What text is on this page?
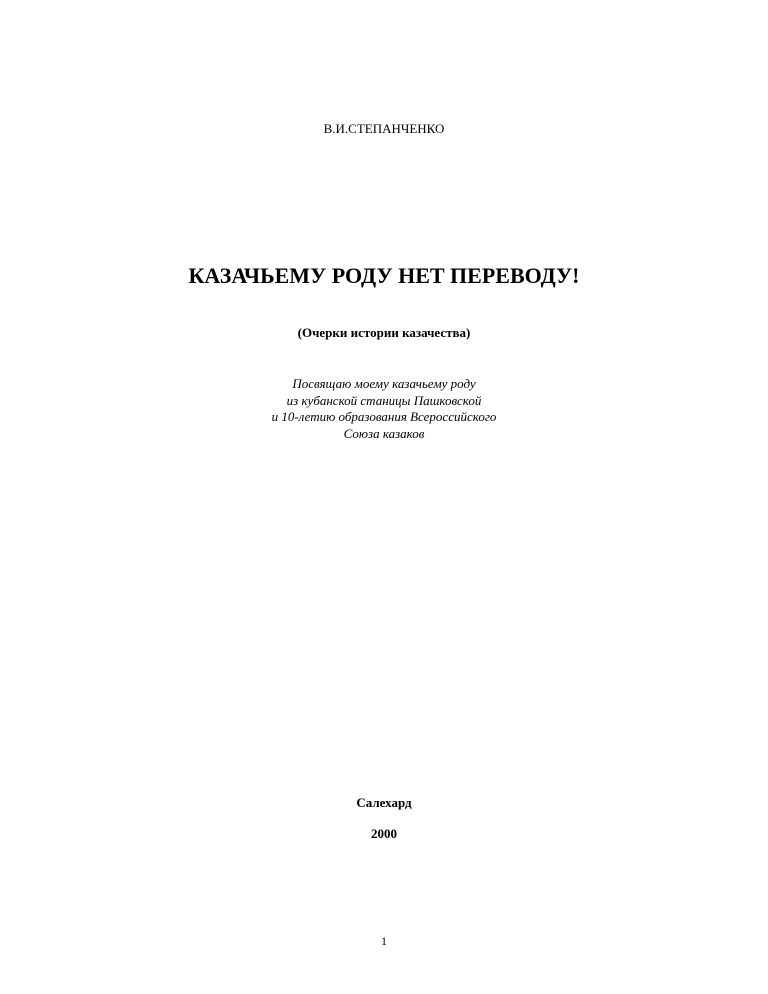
В.И.СТЕПАНЧЕНКО
КАЗАЧЬЕМУ РОДУ НЕТ ПЕРЕВОДУ!
(Очерки истории казачества)
Посвящаю моему казачьему роду
из кубанской станицы Пашковской
и 10-летию образования Всероссийского
Союза казаков
Салехард
2000
1
